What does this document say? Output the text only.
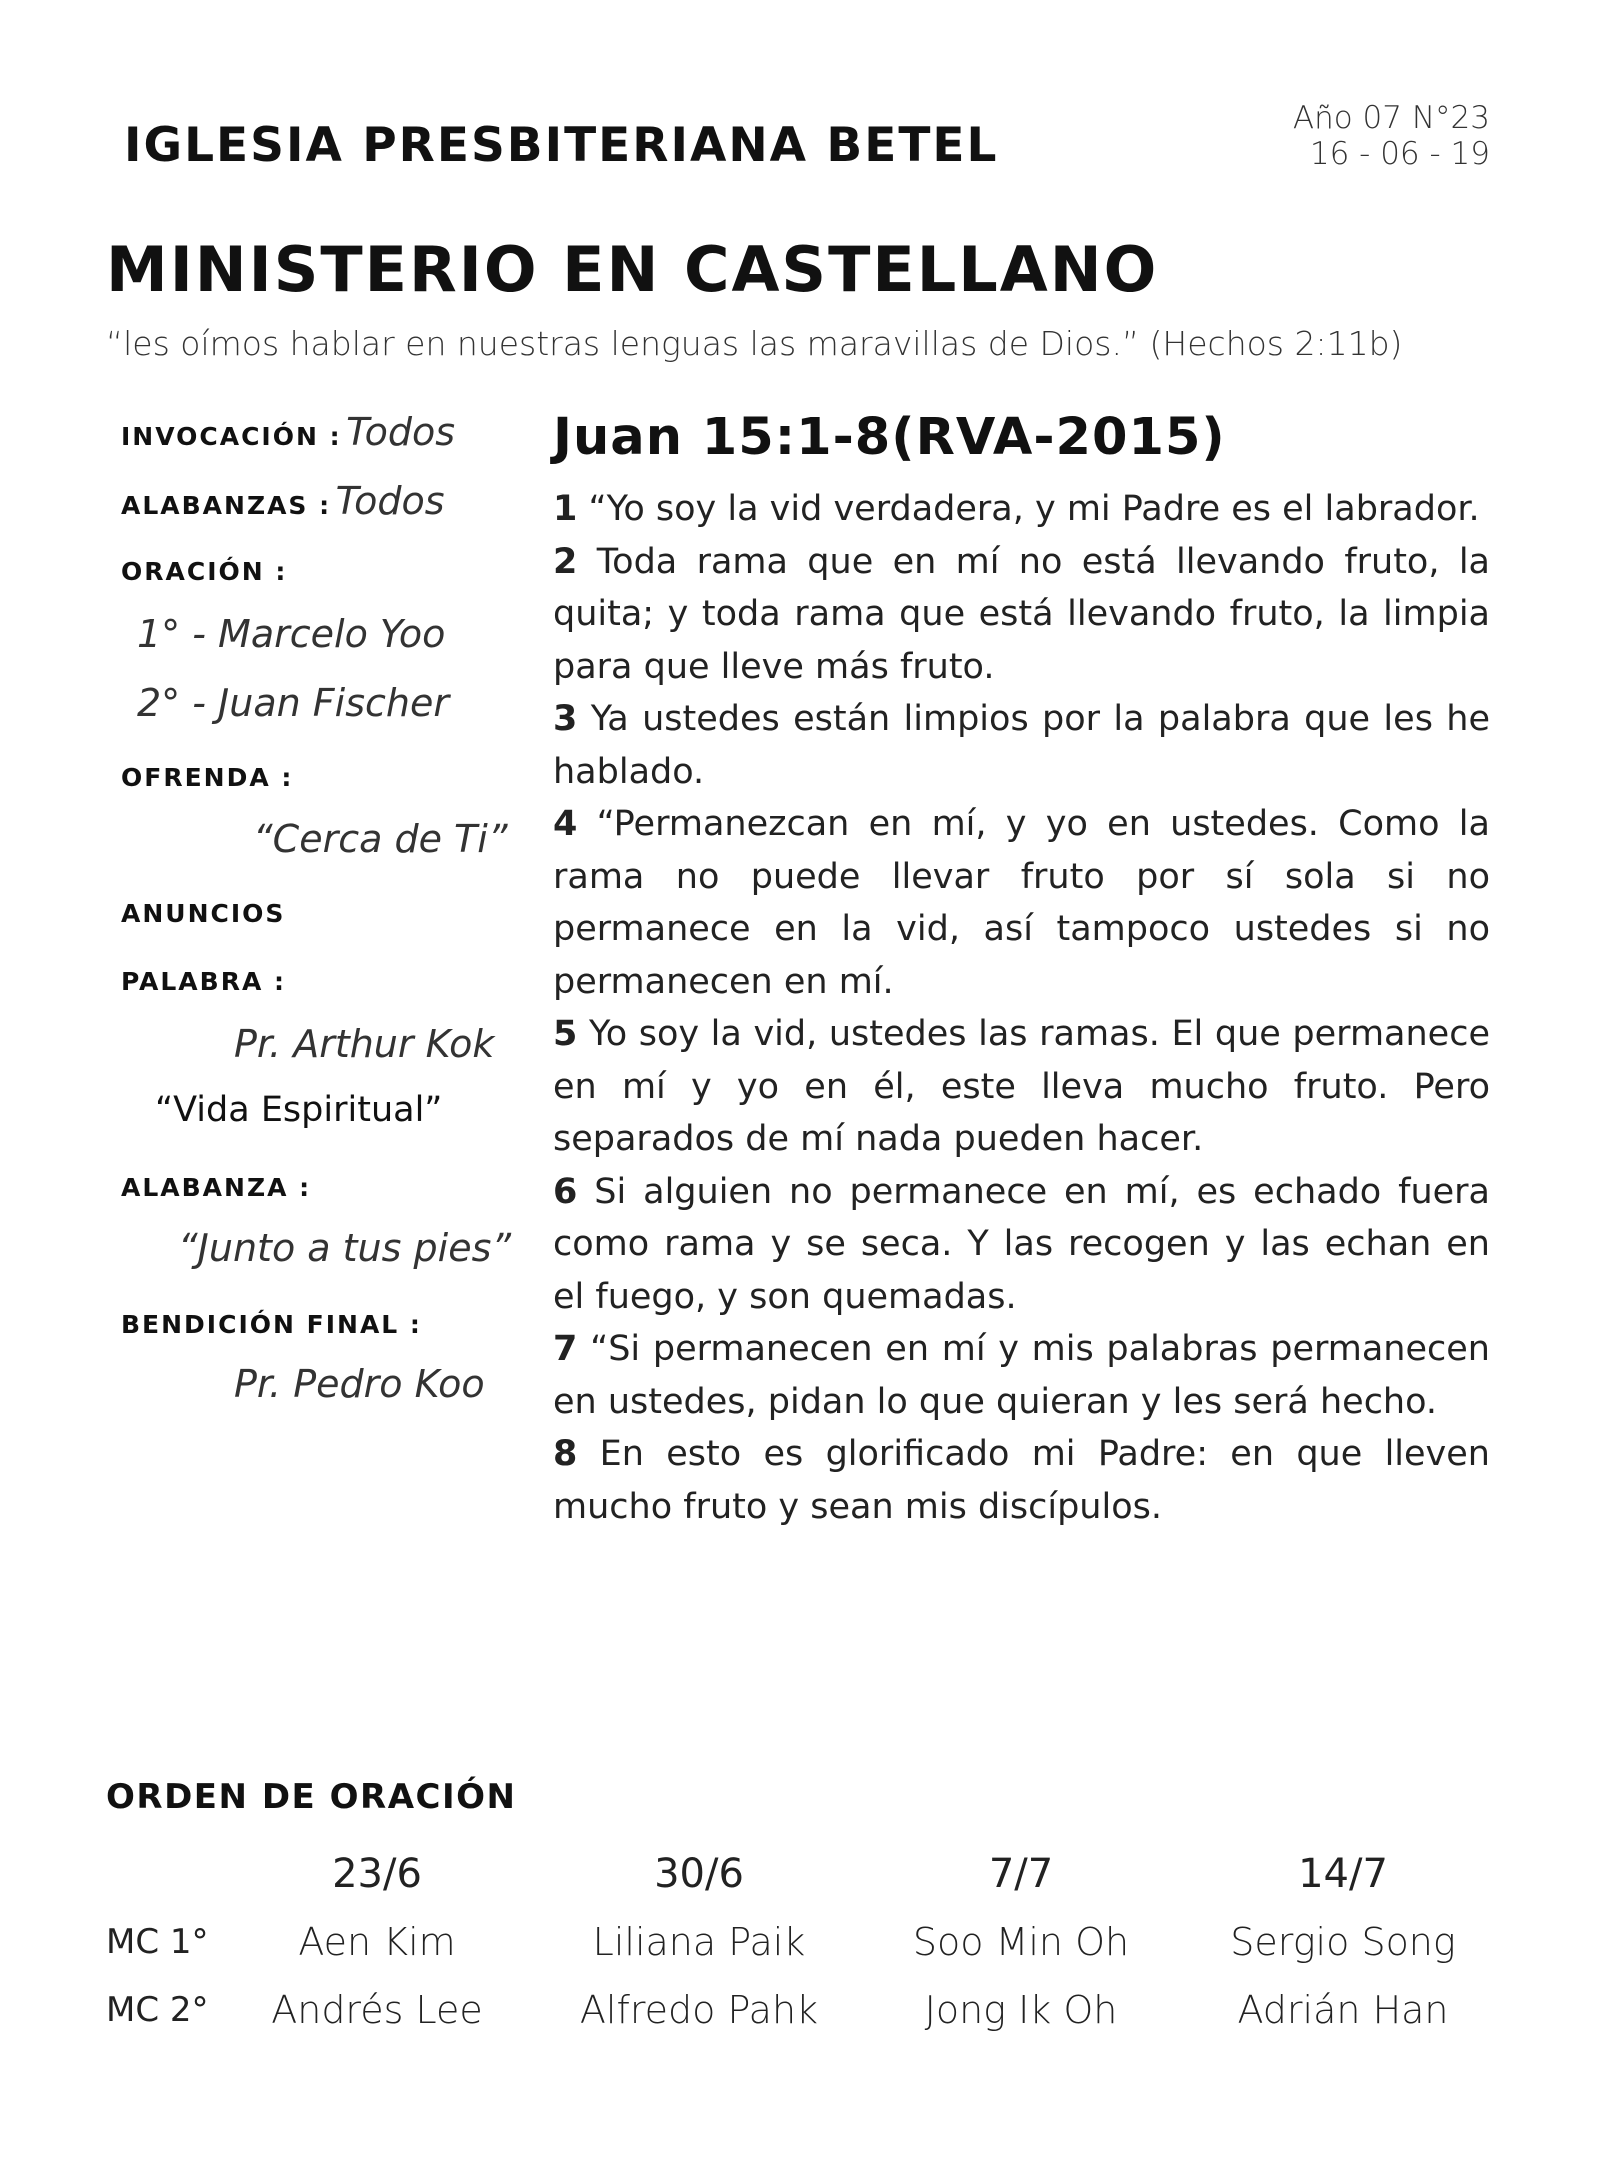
IGLESIA PRESBITERIANA BETEL	Año 07 N°23
16 - 06 - 19
MINISTERIO EN CASTELLANO
“les oímos hablar en nuestras lenguas las maravillas de Dios.” (Hechos 2:11b)
INVOCACIÓN : Todos
ALABANZAS : Todos
ORACIÓN :
1° - Marcelo Yoo
2° - Juan Fischer
OFRENDA :
“Cerca de Ti”
ANUNCIOS
PALABRA :
Pr. Arthur Kok
“Vida Espiritual”
ALABANZA :
“Junto a tus pies”
BENDICIÓN FINAL :
Pr. Pedro Koo
Juan 15:1-8(RVA-2015)
1 “Yo soy la vid verdadera, y mi Padre es el labrador.
2 Toda rama que en mí no está llevando fruto, la quita; y toda rama que está llevando fruto, la limpia para que lleve más fruto.
3 Ya ustedes están limpios por la palabra que les he hablado.
4 “Permanezcan en mí, y yo en ustedes. Como la rama no puede llevar fruto por sí sola si no permanece en la vid, así tampoco ustedes si no permanecen en mí.
5 Yo soy la vid, ustedes las ramas. El que permanece en mí y yo en él, este lleva mucho fruto. Pero separados de mí nada pueden hacer.
6 Si alguien no permanece en mí, es echado fuera como rama y se seca. Y las recogen y las echan en el fuego, y son quemadas.
7 “Si permanecen en mí y mis palabras permanecen en ustedes, pidan lo que quieran y les será hecho.
8 En esto es glorificado mi Padre: en que lleven mucho fruto y sean mis discípulos.
ORDEN DE ORACIÓN
	23/6	30/6	7/7	14/7
MC 1°	Aen Kim	Liliana Paik	Soo Min Oh	Sergio Song
MC 2°	Andrés Lee	Alfredo Pahk	Jong Ik Oh	Adrián Han
